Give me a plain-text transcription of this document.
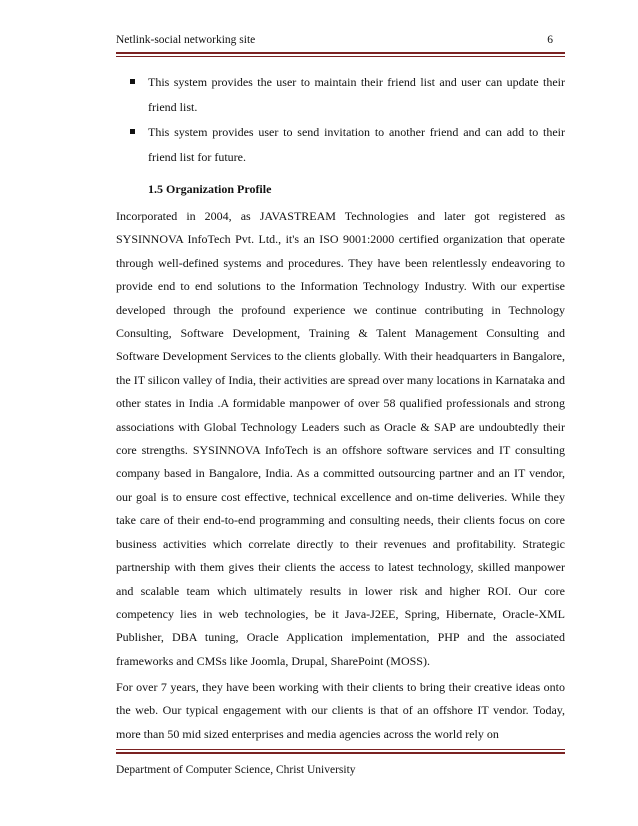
Netlink-social networking site	6
This system provides the user to maintain their friend list and user can update their friend list.
This system provides user to send invitation to another friend and can add to their friend list for future.
1.5 Organization Profile

Incorporated in 2004, as JAVASTREAM Technologies and later got registered as SYSINNOVA InfoTech Pvt. Ltd., it's an ISO 9001:2000 certified organization that operate through well-defined systems and procedures. They have been relentlessly endeavoring to provide end to end solutions to the Information Technology Industry. With our expertise developed through the profound experience we continue contributing in Technology Consulting, Software Development, Training & Talent Management Consulting and Software Development Services to the clients globally. With their headquarters in Bangalore, the IT silicon valley of India, their activities are spread over many locations in Karnataka and other states in India .A formidable manpower of over 58 qualified professionals and strong associations with Global Technology Leaders such as Oracle & SAP are undoubtedly their core strengths. SYSINNOVA InfoTech is an offshore software services and IT consulting company based in Bangalore, India. As a committed outsourcing partner and an IT vendor, our goal is to ensure cost effective, technical excellence and on-time deliveries. While they take care of their end-to-end programming and consulting needs, their clients focus on core business activities which correlate directly to their revenues and profitability. Strategic partnership with them gives their clients the access to latest technology, skilled manpower and scalable team which ultimately results in lower risk and higher ROI. Our core competency lies in web technologies, be it Java-J2EE, Spring, Hibernate, Oracle-XML Publisher, DBA tuning, Oracle Application implementation, PHP and the associated frameworks and CMSs like Joomla, Drupal, SharePoint (MOSS).

For over 7 years, they have been working with their clients to bring their creative ideas onto the web. Our typical engagement with our clients is that of an offshore IT vendor. Today, more than 50 mid sized enterprises and media agencies across the world rely on

Department of Computer Science, Christ University
